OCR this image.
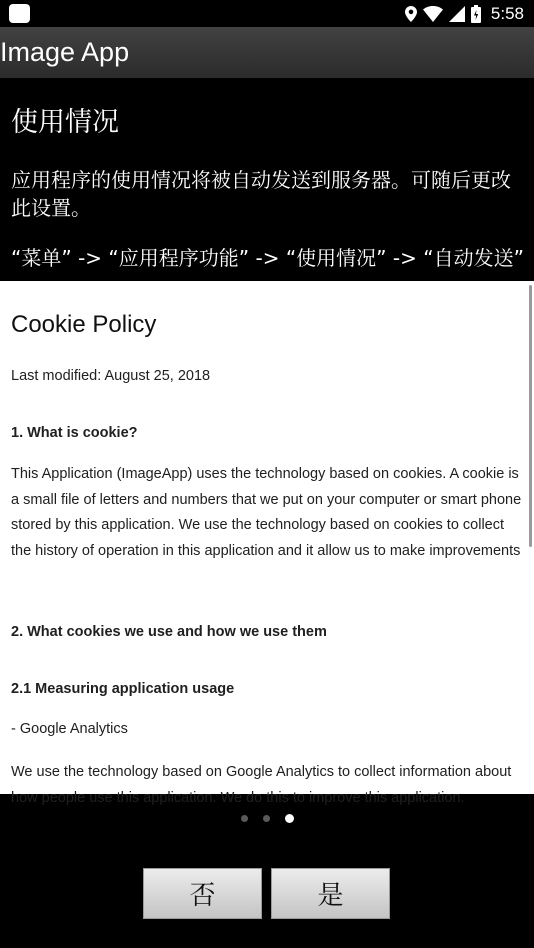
5:58
Image App
使用情况
应用程序的使用情况将被自动发送到服务器。可随后更改此设置。
“菜单” -> “应用程序功能” -> “使用情况” -> “自动发送”
Cookie Policy
Last modified: August 25, 2018
1. What is cookie?
This Application (ImageApp) uses the technology based on cookies. A cookie is a small file of letters and numbers that we put on your computer or smart phone stored by this application. We use the technology based on cookies to collect the history of operation in this application and it allow us to make improvements
2. What cookies we use and how we use them
2.1 Measuring application usage
- Google Analytics
We use the technology based on Google Analytics to collect information about how people use this application. We do this to improve this application.
否	是
